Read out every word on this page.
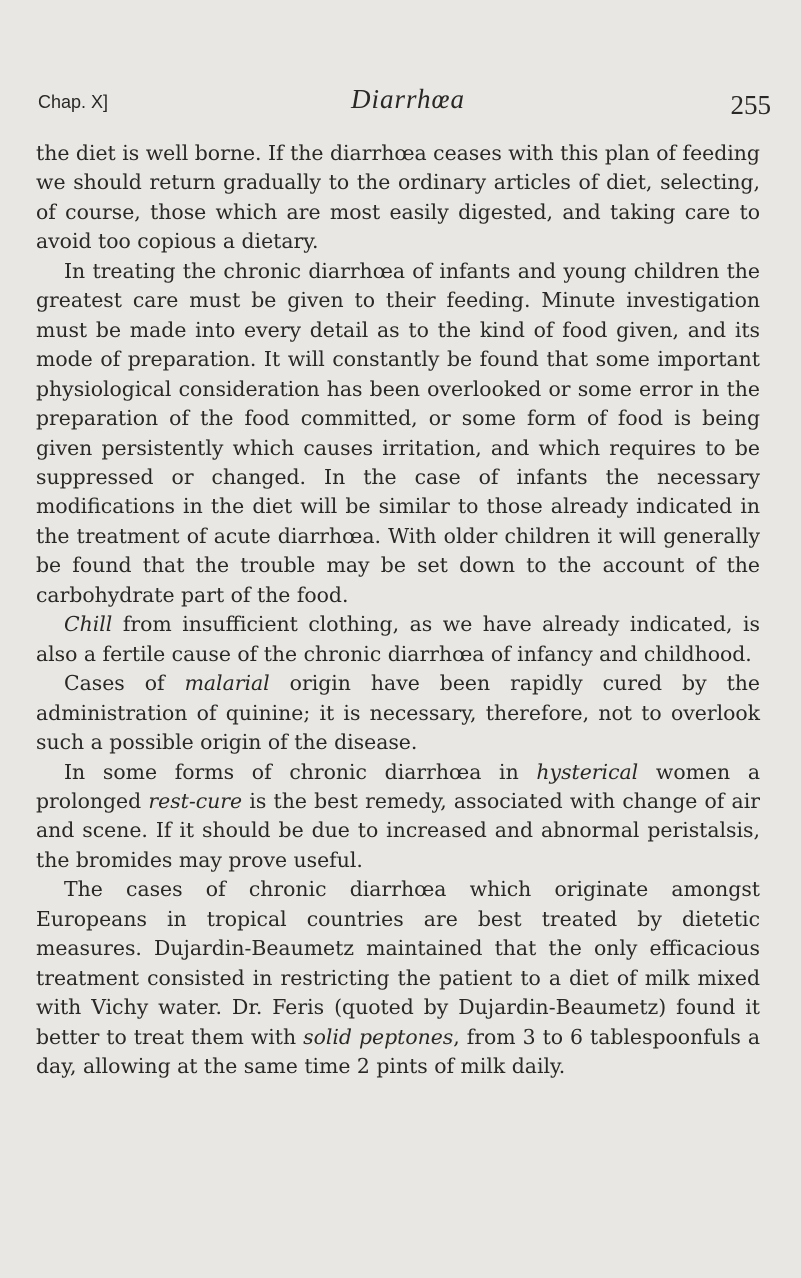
Chap. X]	Diarrhœa	255

the diet is well borne. If the diarrhœa ceases with this plan of feeding we should return gradually to the ordinary articles of diet, selecting, of course, those which are most easily digested, and taking care to avoid too copious a dietary.

In treating the chronic diarrhœa of infants and young children the greatest care must be given to their feeding. Minute investigation must be made into every detail as to the kind of food given, and its mode of preparation. It will constantly be found that some important physiological consideration has been overlooked or some error in the preparation of the food committed, or some form of food is being given persistently which causes irritation, and which requires to be suppressed or changed. In the case of infants the necessary modifications in the diet will be similar to those already indicated in the treatment of acute diarrhœa. With older children it will generally be found that the trouble may be set down to the account of the carbohydrate part of the food.

Chill from insufficient clothing, as we have already indicated, is also a fertile cause of the chronic diarrhœa of infancy and childhood.

Cases of malarial origin have been rapidly cured by the administration of quinine; it is necessary, therefore, not to overlook such a possible origin of the disease.

In some forms of chronic diarrhœa in hysterical women a prolonged rest-cure is the best remedy, associated with change of air and scene. If it should be due to increased and abnormal peristalsis, the bromides may prove useful.

The cases of chronic diarrhœa which originate amongst Europeans in tropical countries are best treated by dietetic measures. Dujardin-Beaumetz maintained that the only efficacious treatment consisted in restricting the patient to a diet of milk mixed with Vichy water. Dr. Feris (quoted by Dujardin-Beaumetz) found it better to treat them with solid peptones, from 3 to 6 tablespoonfuls a day, allowing at the same time 2 pints of milk daily.
